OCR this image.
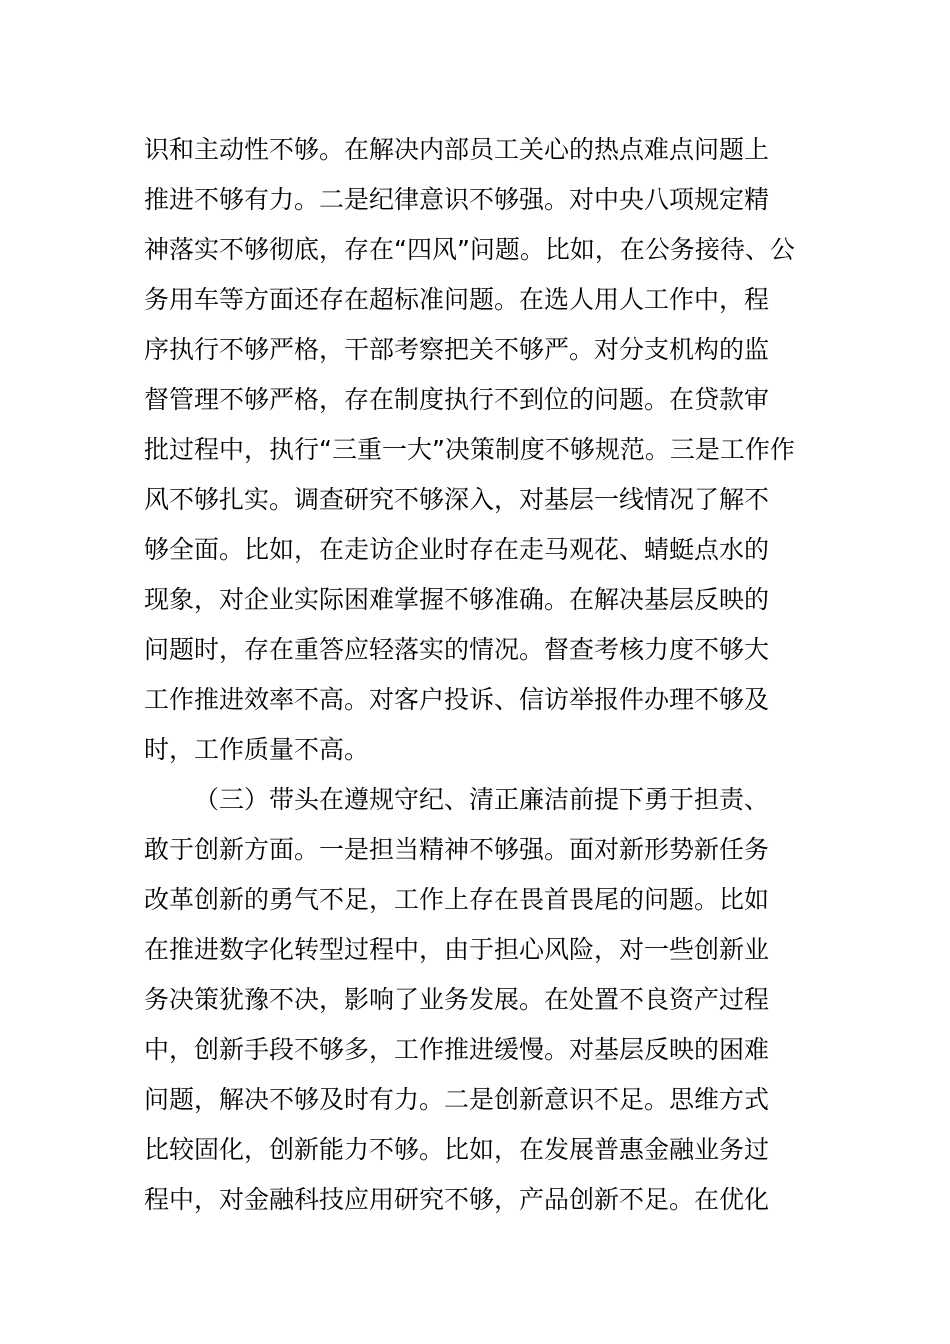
识和主动性不够。在解决内部员工关心的热点难点问题上
推进不够有力。二是纪律意识不够强。对中央八项规定精
神落实不够彻底，存在“四风”问题。比如，在公务接待、公
务用车等方面还存在超标准问题。在选人用人工作中，程
序执行不够严格，干部考察把关不够严。对分支机构的监
督管理不够严格，存在制度执行不到位的问题。在贷款审
批过程中，执行“三重一大”决策制度不够规范。三是工作作
风不够扎实。调查研究不够深入，对基层一线情况了解不
够全面。比如，在走访企业时存在走马观花、蜻蜓点水的
现象，对企业实际困难掌握不够准确。在解决基层反映的
问题时，存在重答应轻落实的情况。督查考核力度不够大
工作推进效率不高。对客户投诉、信访举报件办理不够及
时，工作质量不高。
（三）带头在遵规守纪、清正廉洁前提下勇于担责、
敢于创新方面。一是担当精神不够强。面对新形势新任务
改革创新的勇气不足，工作上存在畏首畏尾的问题。比如
在推进数字化转型过程中，由于担心风险，对一些创新业
务决策犹豫不决，影响了业务发展。在处置不良资产过程
中，创新手段不够多，工作推进缓慢。对基层反映的困难
问题，解决不够及时有力。二是创新意识不足。思维方式
比较固化，创新能力不够。比如，在发展普惠金融业务过
程中，对金融科技应用研究不够，产品创新不足。在优化
